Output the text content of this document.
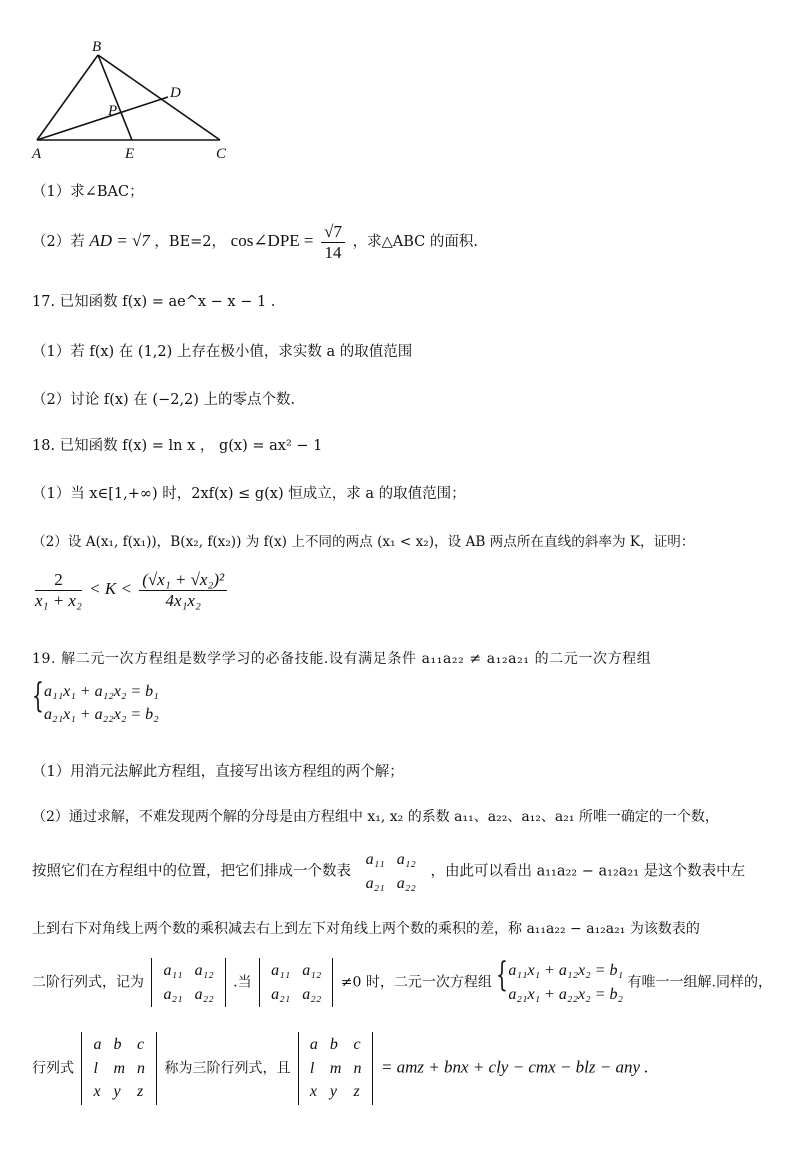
B
D
P
A	E	C
（1）求∠BAC；
（2）若 AD = √7 ，BE=2， cos∠DPE = $\frac{√7}{14}$ ，求△ABC 的面积.
17. 已知函数 f(x) = ae^x − x − 1 .
（1）若 f(x) 在 (1,2) 上存在极小值，求实数 a 的取值范围
（2）讨论 f(x) 在 (−2,2) 上的零点个数.
18. 已知函数 f(x) = ln x ， g(x) = ax² − 1
（1）当 x∈[1,+∞) 时，2xf(x) ≤ g(x) 恒成立，求 a 的取值范围；
（2）设 A(x₁, f(x₁))，B(x₂, f(x₂)) 为 f(x) 上不同的两点 (x₁ < x₂)，设 AB 两点所在直线的斜率为 K，证明：
$\frac{2}{\text{x₁ + x₂}} < K < \frac{\text{(√x₁ + √x₂)²}}{\text{4x₁x₂}}$
19. 解二元一次方程组是数学学习的必备技能.设有满足条件 a₁₁a₂₂ ≠ a₁₂a₂₁ 的二元一次方程组
{ a₁₁x₁ + a₁₂x₂ = b₁
a₂₁x₁ + a₂₂x₂ = b₂
（1）用消元法解此方程组，直接写出该方程组的两个解；
（2）通过求解，不难发现两个解的分母是由方程组中 x₁, x₂ 的系数 a₁₁、a₂₂、a₁₂、a₂₁ 所唯一确定的一个数，
按照它们在方程组中的位置，把它们排成一个数表
a₁₁	a₁₂
a₂₁	a₂₂
，由此可以看出 a₁₁a₂₂ − a₁₂a₂₁ 是这个数表中左
上到右下对角线上两个数的乘积减去右上到左下对角线上两个数的乘积的差，称 a₁₁a₂₂ − a₁₂a₂₁ 为该数表的
二阶行列式，记为
a₁₁	a₁₂
a₂₁	a₂₂
.当
a₁₁	a₁₂
a₂₁	a₂₂
≠0 时，二元一次方程组 { a₁₁x₁ + a₁₂x₂ = b₁
a₂₁x₁ + a₂₂x₂ = b₂
有唯一一组解.同样的，
行列式
a	b	c
l	m	n
x	y	z
称为三阶行列式，且
a	b	c
l	m	n
x	y	z
= amz + bnx + cly − cmx − blz − any .
